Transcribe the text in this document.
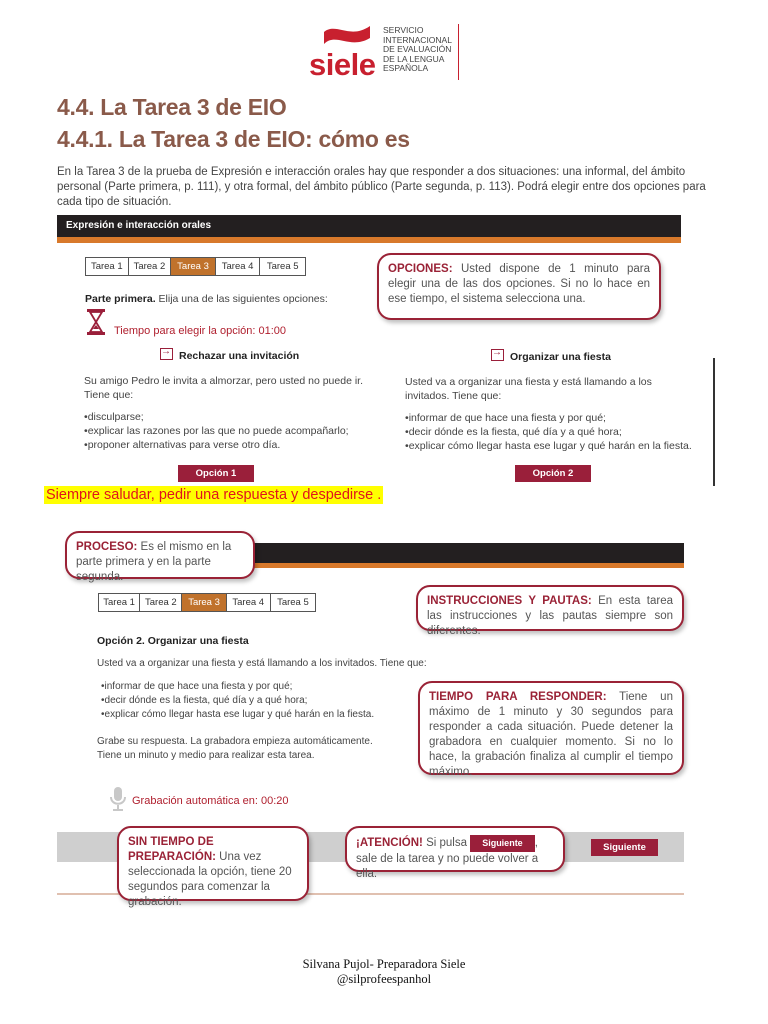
siele
SERVICIO
INTERNACIONAL
DE EVALUACIÓN
DE LA LENGUA
ESPAÑOLA
4.4. La Tarea 3 de EIO
4.4.1. La Tarea 3 de EIO: cómo es
En la Tarea 3 de la prueba de Expresión e interacción orales hay que responder a dos situaciones: una informal, del ámbito personal (Parte primera, p. 111), y otra formal, del ámbito público (Parte segunda, p. 113). Podrá elegir entre dos opciones para cada tipo de situación.
Expresión e interacción orales
Tarea 1	Tarea 2	Tarea 3	Tarea 4	Tarea 5
Parte primera. Elija una de las siguientes opciones:
Tiempo para elegir la opción: 01:00
→Rechazar una invitación
Su amigo Pedro le invita a almorzar, pero usted no puede ir. Tiene que:
• disculparse;
• explicar las razones por las que no puede acompañarlo;
• proponer alternativas para verse otro día.
Opción 1
→Organizar una fiesta
Usted va a organizar una fiesta y está llamando a los invitados. Tiene que:
• informar de que hace una fiesta y por qué;
• decir dónde es la fiesta, qué día y a qué hora;
• explicar cómo llegar hasta ese lugar y qué harán en la fiesta.
Opción 2
OPCIONES: Usted dispone de 1 minuto para elegir una de las dos opciones. Si no lo hace en ese tiempo, el sistema selecciona una.
Siempre saludar, pedir una respuesta y despedirse .
PROCESO: Es el mismo en la parte primera y en la parte segunda.
Tarea 1	Tarea 2	Tarea 3	Tarea 4	Tarea 5
Opción 2. Organizar una fiesta
Usted va a organizar una fiesta y está llamando a los invitados. Tiene que:
• informar de que hace una fiesta y por qué;
• decir dónde es la fiesta, qué día y a qué hora;
• explicar cómo llegar hasta ese lugar y qué harán en la fiesta.
Grabe su respuesta. La grabadora empieza automáticamente.
Tiene un minuto y medio para realizar esta tarea.
Grabación automática en: 00:20
INSTRUCCIONES Y PAUTAS: En esta tarea las instrucciones y las pautas siempre son diferentes.
TIEMPO PARA RESPONDER: Tiene un máximo de 1 minuto y 30 segundos para responder a cada situación. Puede detener la grabadora en cualquier momento. Si no lo hace, la grabación finaliza al cumplir el tiempo máximo.
Siguiente
SIN TIEMPO DE PREPARACIÓN: Una vez seleccionada la opción, tiene 20 segundos para comenzar la grabación.
¡ATENCIÓN! Si pulsa Siguiente , sale de la tarea y no puede volver a ella.
Silvana Pujol- Preparadora Siele
@silprofeespanhol
